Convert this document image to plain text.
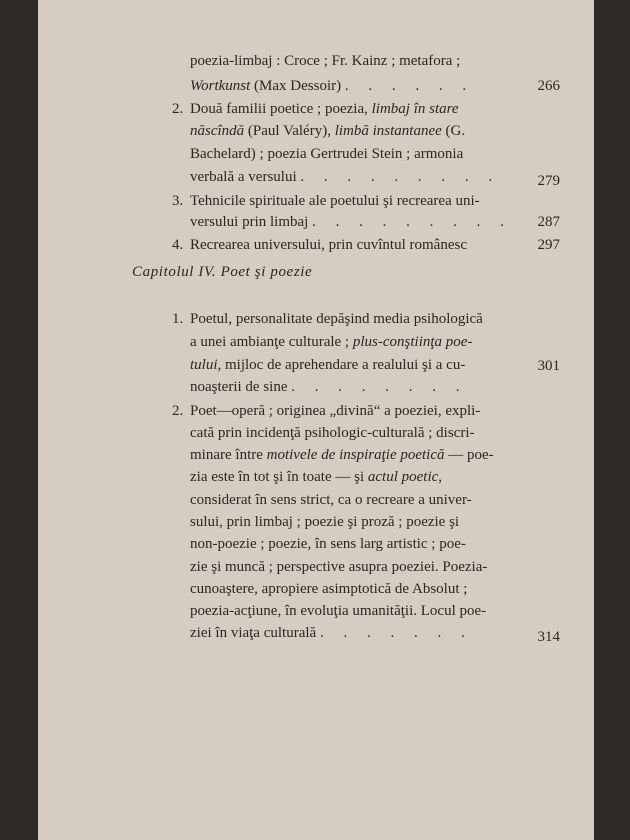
poezia-limbaj : Croce ; Fr. Kainz ; metafora ;
Wortkunst (Max Dessoir) . . . . . .	266
2. Două familii poetice ; poezia, limbaj în stare
născîndă (Paul Valéry), limbă instantanee (G.
Bachelard) ; poezia Gertrudei Stein ; armonia
verbală a versului . . . . . . . . . 279
3. Tehnicile spirituale ale poetului şi recrearea uni-
versului prin limbaj . . . . . . . . . 287
4. Recrearea universului, prin cuvîntul românesc	297
Capitolul IV. Poet şi poezie
1. Poetul, personalitate depăşind media psihologică
a unei ambianţe culturale ; plus-conştiinţa poe-
tului, mijloc de aprehendare a realului şi a cu-
noaşterii de sine . . . . . . . .
301
2. Poet—operă ; originea „divină“ a poeziei, expli-
cată prin incidenţă psihologic-culturală ; discri-
minare între motivele de inspiraţie poetică — poe-
zia este în tot şi în toate — şi actul poetic,
considerat în sens strict, ca o recreare a univer-
sului, prin limbaj ; poezie şi proză ; poezie şi
non-poezie ; poezie, în sens larg artistic ; poe-
zie şi muncă ; perspective asupra poeziei. Poezia-
cunoaştere, apropiere asimptotică de Absolut ;
poezia-acţiune, în evoluţia umanităţii. Locul poe-
ziei în viaţa culturală . . . . . . .	314
